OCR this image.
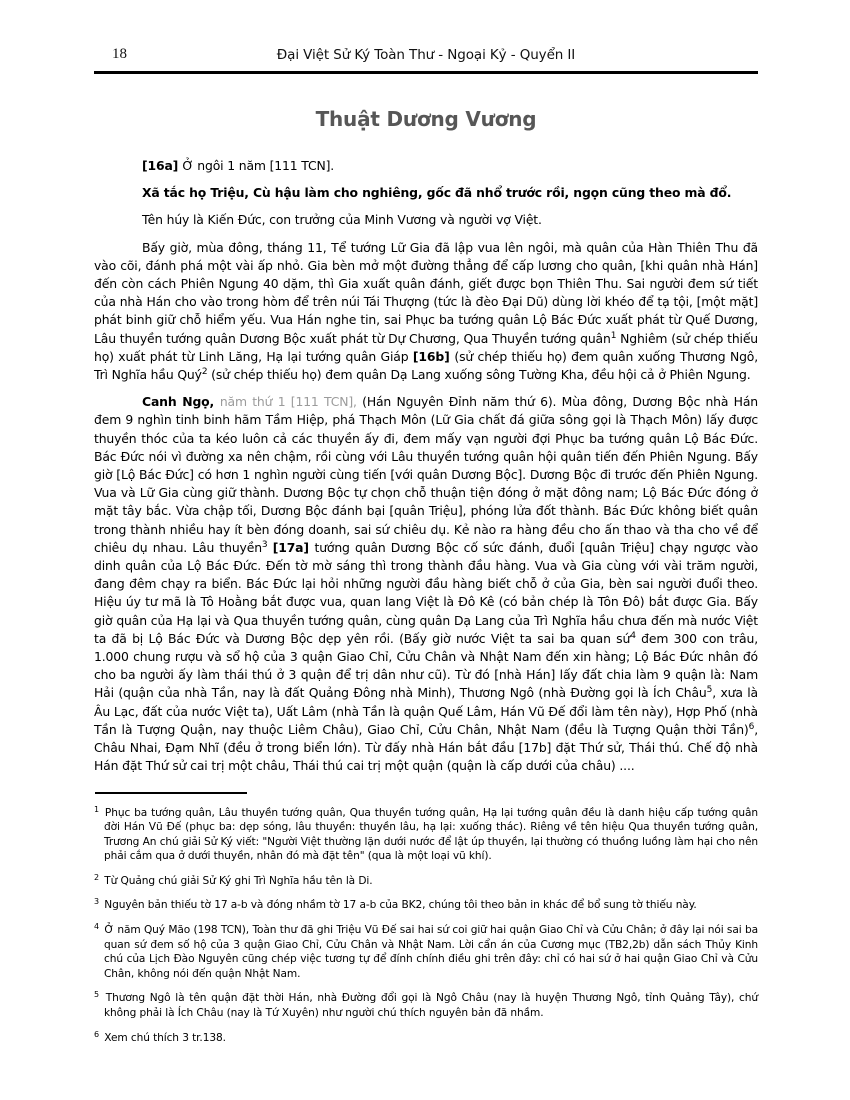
18	Đại Việt Sử Ký Toàn Thư - Ngoại Kỷ - Quyển II
Thuật Dương Vương

[16a] Ở ngôi 1 năm [111 TCN].

Xã tắc họ Triệu, Cù hậu làm cho nghiêng, gốc đã nhổ trước rồi, ngọn cũng theo mà đổ.

Tên húy là Kiến Đức, con trưởng của Minh Vương và người vợ Việt.

Bấy giờ, mùa đông, tháng 11, Tể tướng Lữ Gia đã lập vua lên ngôi, mà quân của Hàn Thiên Thu đã vào cõi, đánh phá một vài ấp nhỏ. Gia bèn mở một đường thẳng để cấp lương cho quân, [khi quân nhà Hán] đến còn cách Phiên Ngung 40 dặm, thì Gia xuất quân đánh, giết được bọn Thiên Thu. Sai người đem sứ tiết của nhà Hán cho vào trong hòm để trên núi Tái Thượng (tức là đèo Đại Dũ) dùng lời khéo để tạ tội, [một mặt] phát binh giữ chỗ hiểm yếu. Vua Hán nghe tin, sai Phục ba tướng quân Lộ Bác Đức xuất phát từ Quế Dương, Lâu thuyền tướng quân Dương Bộc xuất phát từ Dự Chương, Qua Thuyền tướng quân$^1$ Nghiêm (sử chép thiếu họ) xuất phát từ Linh Lăng, Hạ lại tướng quân Giáp [16b] (sử chép thiếu họ) đem quân xuống Thương Ngô, Trì Nghĩa hầu Quý$^2$ (sử chép thiếu họ) đem quân Dạ Lang xuống sông Tường Kha, đều hội cả ở Phiên Ngung.

Canh Ngọ, năm thứ 1 [111 TCN], (Hán Nguyên Đỉnh năm thứ 6). Mùa đông, Dương Bộc nhà Hán đem 9 nghìn tinh binh hãm Tầm Hiệp, phá Thạch Môn (Lữ Gia chất đá giữa sông gọi là Thạch Môn) lấy được thuyền thóc của ta kéo luôn cả các thuyền ấy đi, đem mấy vạn người đợi Phục ba tướng quân Lộ Bác Đức. Bác Đức nói vì đường xa nên chậm, rồi cùng với Lâu thuyền tướng quân hội quân tiến đến Phiên Ngung. Bấy giờ [Lộ Bác Đức] có hơn 1 nghìn người cùng tiến [với quân Dương Bộc]. Dương Bộc đi trước đến Phiên Ngung. Vua và Lữ Gia cùng giữ thành. Dương Bộc tự chọn chỗ thuận tiện đóng ở mặt đông nam; Lộ Bác Đức đóng ở mặt tây bắc. Vừa chập tối, Dương Bộc đánh bại [quân Triệu], phóng lửa đốt thành. Bác Đức không biết quân trong thành nhiều hay ít bèn đóng doanh, sai sứ chiêu dụ. Kẻ nào ra hàng đều cho ấn thao và tha cho về để chiêu dụ nhau. Lâu thuyền$^3$ [17a] tướng quân Dương Bộc cố sức đánh, đuổi [quân Triệu] chạy ngược vào dinh quân của Lộ Bác Đức. Đến tờ mờ sáng thì trong thành đầu hàng. Vua và Gia cùng với vài trăm người, đang đêm chạy ra biển. Bác Đức lại hỏi những người đầu hàng biết chỗ ở của Gia, bèn sai người đuổi theo. Hiệu úy tư mã là Tô Hoằng bắt được vua, quan lang Việt là Đô Kê (có bản chép là Tôn Đô) bắt được Gia. Bấy giờ quân của Hạ lại và Qua thuyền tướng quân, cùng quân Dạ Lang của Trì Nghĩa hầu chưa đến mà nước Việt ta đã bị Lộ Bác Đức và Dương Bộc dẹp yên rồi. (Bấy giờ nước Việt ta sai ba quan sứ$^4$ đem 300 con trâu, 1.000 chung rượu và sổ hộ của 3 quận Giao Chỉ, Cửu Chân và Nhật Nam đến xin hàng; Lộ Bác Đức nhân đó cho ba người ấy làm thái thú ở 3 quận để trị dân như cũ). Từ đó [nhà Hán] lấy đất chia làm 9 quận là: Nam Hải (quận của nhà Tần, nay là đất Quảng Đông nhà Minh), Thương Ngô (nhà Đường gọi là Ích Châu$^5$, xưa là Âu Lạc, đất của nước Việt ta), Uất Lâm (nhà Tần là quận Quế Lâm, Hán Vũ Đế đổi làm tên này), Hợp Phố (nhà Tần là Tượng Quận, nay thuộc Liêm Châu), Giao Chỉ, Cửu Chân, Nhật Nam (đều là Tượng Quận thời Tần)$^6$, Châu Nhai, Đạm Nhĩ (đều ở trong biển lớn). Từ đấy nhà Hán bắt đầu [17b] đặt Thứ sử, Thái thú. Chế độ nhà Hán đặt Thứ sử cai trị một châu, Thái thú cai trị một quận (quận là cấp dưới của châu) ....

$^1$ Phục ba tướng quân, Lâu thuyền tướng quân, Qua thuyền tướng quân, Hạ lại tướng quân đều là danh hiệu cấp tướng quân đời Hán Vũ Đế (phục ba: dẹp sóng, lâu thuyền: thuyền lâu, hạ lại: xuống thác). Riêng về tên hiệu Qua thuyền tướng quân, Trương An chú giải Sử Ký viết: "Người Việt thường lặn dưới nước để lật úp thuyền, lại thường có thuồng luồng làm hại cho nên phải cắm qua ở dưới thuyền, nhân đó mà đặt tên" (qua là một loại vũ khí).
$^2$ Từ Quảng chú giải Sử Ký ghi Trì Nghĩa hầu tên là Di.
$^3$ Nguyên bản thiếu tờ 17 a-b và đóng nhầm tờ 17 a-b của BK2, chúng tôi theo bản in khác để bổ sung tờ thiếu này.
$^4$ Ở năm Quý Mão (198 TCN), Toàn thư đã ghi Triệu Vũ Đế sai hai sứ coi giữ hai quận Giao Chỉ và Cửu Chân; ở đây lại nói sai ba quan sứ đem số hộ của 3 quận Giao Chỉ, Cửu Chân và Nhật Nam. Lời cẩn án của Cương mục (TB2,2b) dẫn sách Thủy Kinh chú của Lịch Đào Nguyên cũng chép việc tương tự để đính chính điều ghi trên đây: chỉ có hai sứ ở hai quận Giao Chỉ và Cửu Chân, không nói đến quận Nhật Nam.
$^5$ Thương Ngô là tên quận đặt thời Hán, nhà Đường đổi gọi là Ngô Châu (nay là huyện Thương Ngô, tỉnh Quảng Tây), chứ không phải là Ích Châu (nay là Tứ Xuyên) như người chú thích nguyên bản đã nhầm.
$^6$ Xem chú thích 3 tr.138.
